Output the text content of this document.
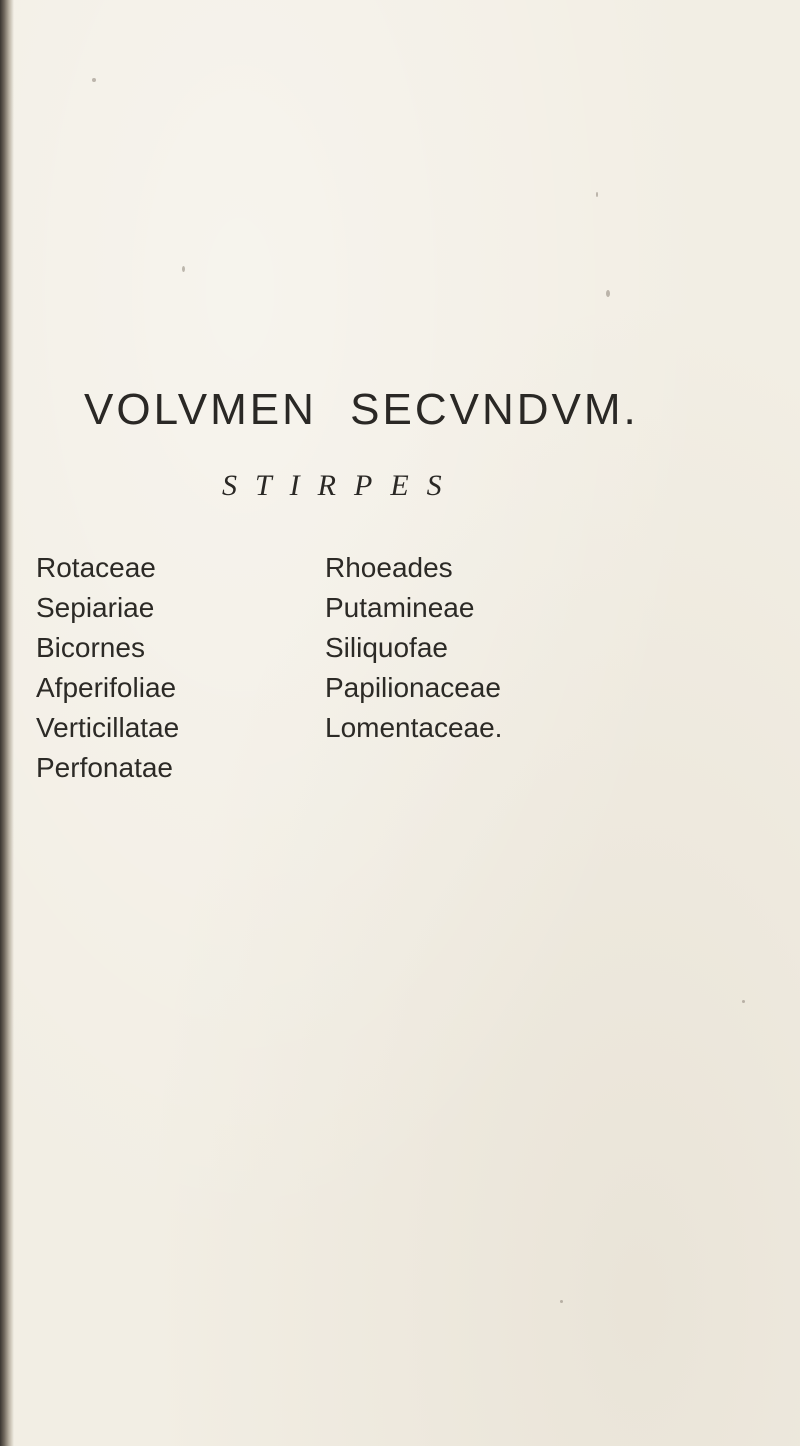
VOLVMEN SECVNDVM.
STIRPES
Rotaceae
Sepiariae
Bicornes
Afperifoliae
Verticillatae
Perfonatae
Rhoeades
Putamineae
Siliquofae
Papilionaceae
Lomentaceae.
